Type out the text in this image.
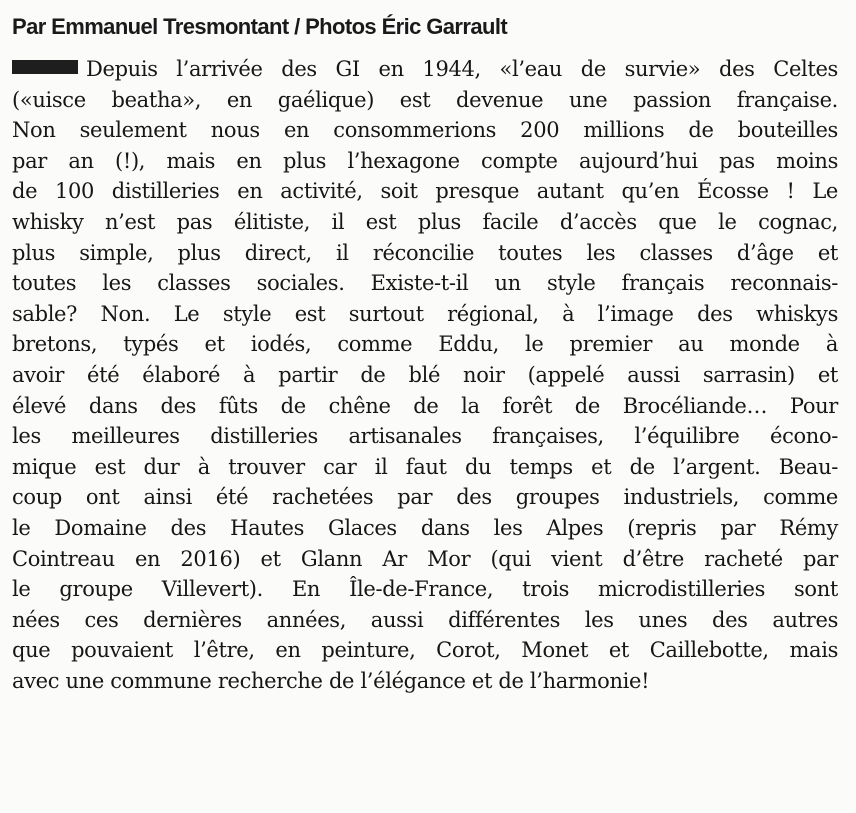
Par Emmanuel Tresmontant / Photos Éric Garrault
Depuis l’arrivée des GI en 1944, «l’eau de survie» des Celtes
(«uisce beatha», en gaélique) est devenue une passion française.
Non seulement nous en consommerions 200 millions de bouteilles
par an (!), mais en plus l’hexagone compte aujourd’hui pas moins
de 100 distilleries en activité, soit presque autant qu’en Écosse ! Le
whisky n’est pas élitiste, il est plus facile d’accès que le cognac,
plus simple, plus direct, il réconcilie toutes les classes d’âge et
toutes les classes sociales. Existe-t-il un style français reconnais-
sable? Non. Le style est surtout régional, à l’image des whiskys
bretons, typés et iodés, comme Eddu, le premier au monde à
avoir été élaboré à partir de blé noir (appelé aussi sarrasin) et
élevé dans des fûts de chêne de la forêt de Brocéliande… Pour
les meilleures distilleries artisanales françaises, l’équilibre écono-
mique est dur à trouver car il faut du temps et de l’argent. Beau-
coup ont ainsi été rachetées par des groupes industriels, comme
le Domaine des Hautes Glaces dans les Alpes (repris par Rémy
Cointreau en 2016) et Glann Ar Mor (qui vient d’être racheté par
le groupe Villevert). En Île-de-France, trois microdistilleries sont
nées ces dernières années, aussi différentes les unes des autres
que pouvaient l’être, en peinture, Corot, Monet et Caillebotte, mais
avec une commune recherche de l’élégance et de l’harmonie!
